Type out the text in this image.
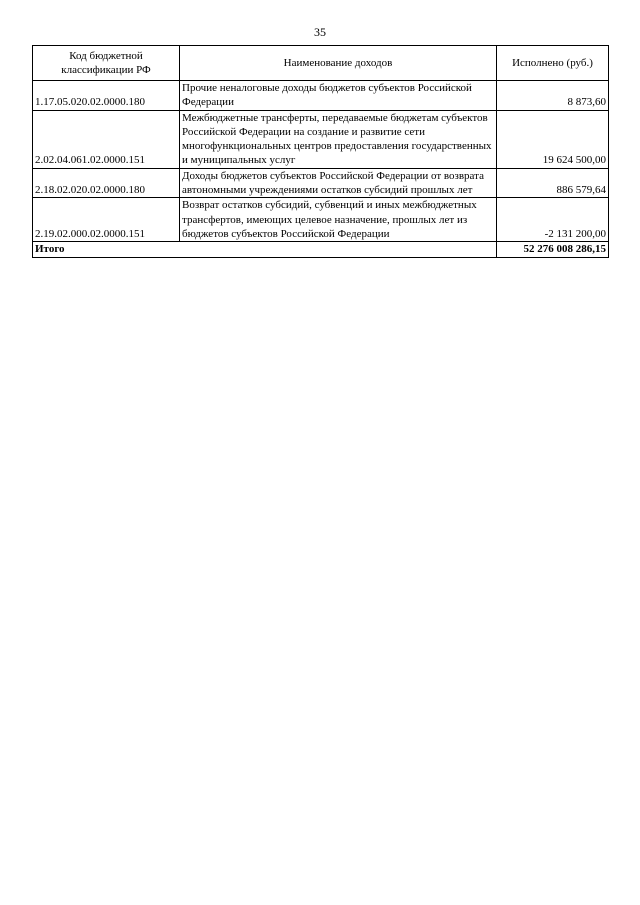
35
Код бюджетной классификации РФ	Наименование доходов	Исполнено (руб.)
1.17.05.020.02.0000.180	Прочие неналоговые доходы бюджетов субъектов Российской Федерации	8 873,60
2.02.04.061.02.0000.151	Межбюджетные трансферты, передаваемые бюджетам субъектов Российской Федерации на создание и развитие сети многофункциональных центров предоставления государственных и муниципальных услуг	19 624 500,00
2.18.02.020.02.0000.180	Доходы бюджетов субъектов Российской Федерации от возврата автономными учреждениями остатков субсидий прошлых лет	886 579,64
2.19.02.000.02.0000.151	Возврат остатков субсидий, субвенций и иных межбюджетных трансфертов, имеющих целевое назначение, прошлых лет из бюджетов субъектов Российской Федерации	-2 131 200,00
Итого		52 276 008 286,15
